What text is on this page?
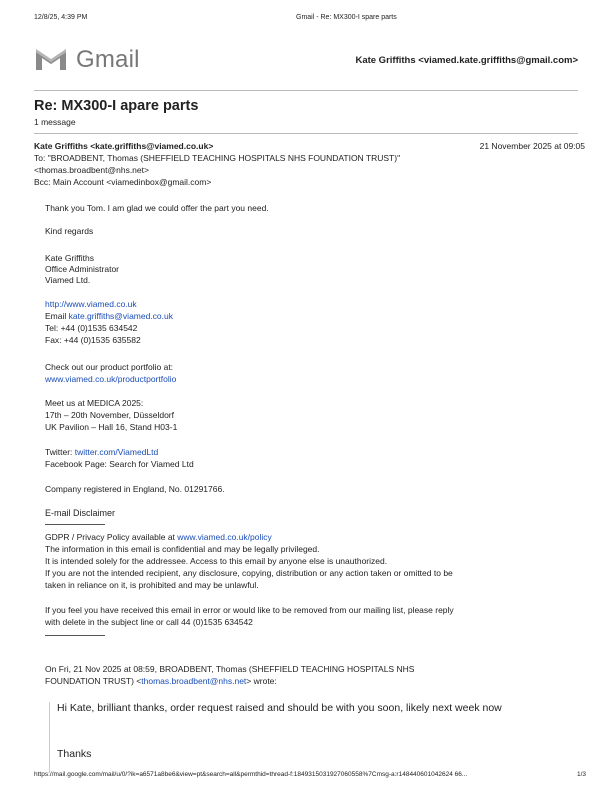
12/8/25, 4:39 PM	Gmail - Re: MX300-I spare parts
Gmail	Kate Griffiths <viamed.kate.griffiths@gmail.com>
Re: MX300-I apare parts
1 message
Kate Griffiths <kate.griffiths@viamed.co.uk>	21 November 2025 at 09:05
To: "BROADBENT, Thomas (SHEFFIELD TEACHING HOSPITALS NHS FOUNDATION TRUST)"
<thomas.broadbent@nhs.net>
Bcc: Main Account <viamedinbox@gmail.com>
Thank you Tom. I am glad we could offer the part you need.
Kind regards
Kate Griffiths
Office Administrator
Viamed Ltd.
http://www.viamed.co.uk
Email kate.griffiths@viamed.co.uk
Tel: +44 (0)1535 634542
Fax: +44 (0)1535 635582
Check out our product portfolio at:
www.viamed.co.uk/productportfolio
Meet us at MEDICA 2025:
17th – 20th November, Düsseldorf
UK Pavilion – Hall 16, Stand H03-1
Twitter: twitter.com/ViamedLtd
Facebook Page: Search for Viamed Ltd
Company registered in England, No. 01291766.
E-mail Disclaimer
GDPR / Privacy Policy available at www.viamed.co.uk/policy
The information in this email is confidential and may be legally privileged.
It is intended solely for the addressee. Access to this email by anyone else is unauthorized.
If you are not the intended recipient, any disclosure, copying, distribution or any action taken or omitted to be
taken in reliance on it, is prohibited and may be unlawful.
If you feel you have received this email in error or would like to be removed from our mailing list, please reply
with delete in the subject line or call 44 (0)1535 634542
On Fri, 21 Nov 2025 at 08:59, BROADBENT, Thomas (SHEFFIELD TEACHING HOSPITALS NHS
FOUNDATION TRUST) <thomas.broadbent@nhs.net> wrote:
Hi Kate, brilliant thanks, order request raised and should be with you soon, likely next week now
Thanks
https://mail.google.com/mail/u/0/?ik=a6571a8be6&view=pt&search=all&permthid=thread-f:1849315031927060558%7Cmsg-a:r148440601042624 66...	1/3
